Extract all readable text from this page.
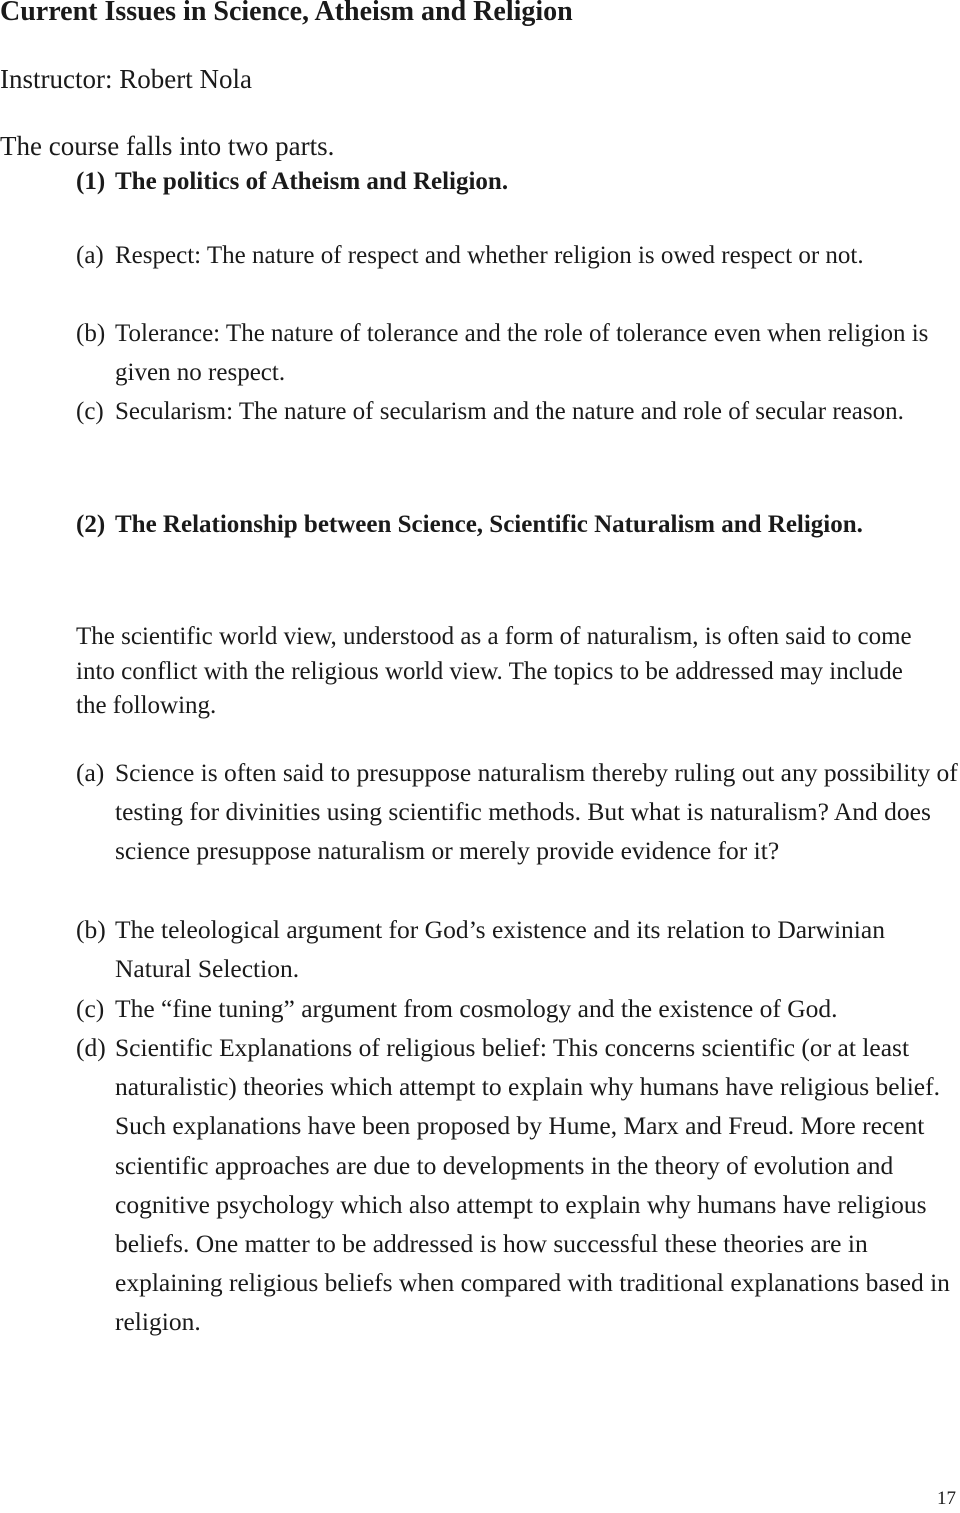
Current Issues in Science, Atheism and Religion
Instructor: Robert Nola
The course falls into two parts.
(1) The politics of Atheism and Religion.
(a) Respect: The nature of respect and whether religion is owed respect or not.
(b) Tolerance: The nature of tolerance and the role of tolerance even when religion is given no respect.
(c) Secularism: The nature of secularism and the nature and role of secular reason.
(2) The Relationship between Science, Scientific Naturalism and Religion.
The scientific world view, understood as a form of naturalism, is often said to come into conflict with the religious world view. The topics to be addressed may include the following.
(a) Science is often said to presuppose naturalism thereby ruling out any possibility of testing for divinities using scientific methods. But what is naturalism? And does science presuppose naturalism or merely provide evidence for it?
(b) The teleological argument for God’s existence and its relation to Darwinian Natural Selection.
(c) The “fine tuning” argument from cosmology and the existence of God.
(d) Scientific Explanations of religious belief: This concerns scientific (or at least naturalistic) theories which attempt to explain why humans have religious belief. Such explanations have been proposed by Hume, Marx and Freud. More recent scientific approaches are due to developments in the theory of evolution and cognitive psychology which also attempt to explain why humans have religious beliefs. One matter to be addressed is how successful these theories are in explaining religious beliefs when compared with traditional explanations based in religion.
17
